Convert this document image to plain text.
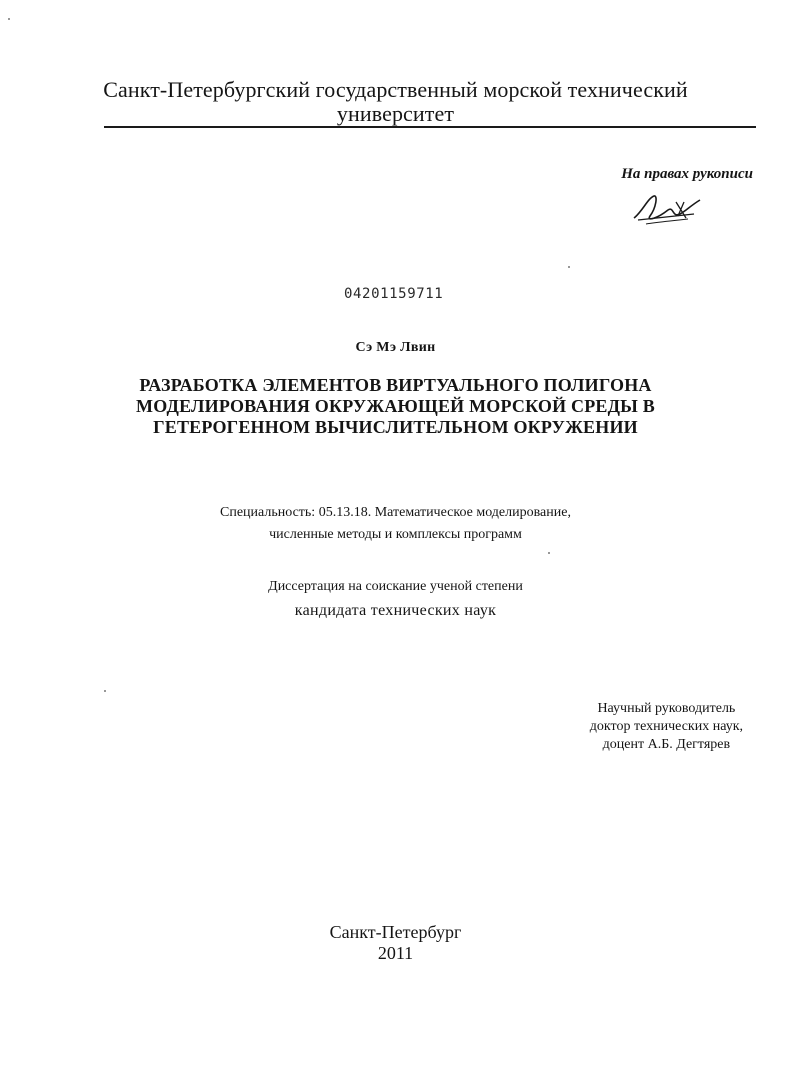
Санкт-Петербургский государственный морской технический
университет
На правах рукописи
04201159711
Сэ Мэ Лвин
РАЗРАБОТКА ЭЛЕМЕНТОВ ВИРТУАЛЬНОГО ПОЛИГОНА
МОДЕЛИРОВАНИЯ ОКРУЖАЮЩЕЙ МОРСКОЙ СРЕДЫ В
ГЕТЕРОГЕННОМ ВЫЧИСЛИТЕЛЬНОМ ОКРУЖЕНИИ
Специальность: 05.13.18. Математическое моделирование,
численные методы и комплексы программ
Диссертация на соискание ученой степени
кандидата технических наук
Научный руководитель
доктор технических наук,
доцент А.Б. Дегтярев
Санкт-Петербург
2011
